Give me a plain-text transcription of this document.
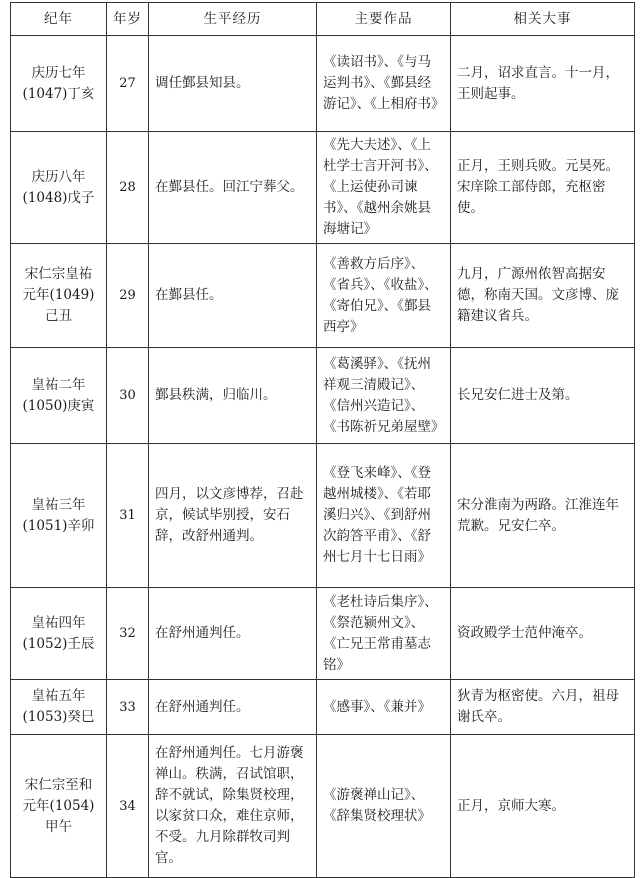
纪年	年岁	生平经历	主要作品	相关大事

庆历七年
(1047)丁亥	27	调任鄞县知县。	《读诏书》、《与马运判书》、《鄞县经游记》、《上相府书》	二月，诏求直言。十一月，王则起事。

庆历八年
(1048)戊子	28	在鄞县任。回江宁葬父。	《先大夫述》、《上杜学士言开河书》、《上运使孙司谏书》、《越州余姚县海塘记》	正月，王则兵败。元昊死。宋庠除工部侍郎，充枢密使。

宋仁宗皇祐
元年(1049)
己丑	29	在鄞县任。	《善救方后序》、《省兵》、《收盐》、《寄伯兄》、《鄞县西亭》	九月，广源州侬智高据安德，称南天国。文彦博、庞籍建议省兵。

皇祐二年
(1050)庚寅	30	鄞县秩满，归临川。	《葛溪驿》、《抚州祥观三清殿记》、《信州兴造记》、《书陈祈兄弟屋壁》	长兄安仁进士及第。

皇祐三年
(1051)辛卯	31	四月，以文彦博荐，召赴京，候试毕别授，安石辞，改舒州通判。	《登飞来峰》、《登越州城楼》、《若耶溪归兴》、《到舒州次韵答平甫》、《舒州七月十七日雨》	宋分淮南为两路。江淮连年荒歉。兄安仁卒。

皇祐四年
(1052)壬辰	32	在舒州通判任。	《老杜诗后集序》、《祭范颍州文》、《亡兄王常甫墓志铭》	资政殿学士范仲淹卒。

皇祐五年
(1053)癸巳	33	在舒州通判任。	《感事》、《兼并》	狄青为枢密使。六月，祖母谢氏卒。

宋仁宗至和
元年(1054)
甲午	34	在舒州通判任。七月游褒禅山。秩满，召试馆职，辞不就试，除集贤校理，以家贫口众，难住京师，不受。九月除群牧司判官。	《游褒禅山记》、《辞集贤校理状》	正月，京师大寒。
